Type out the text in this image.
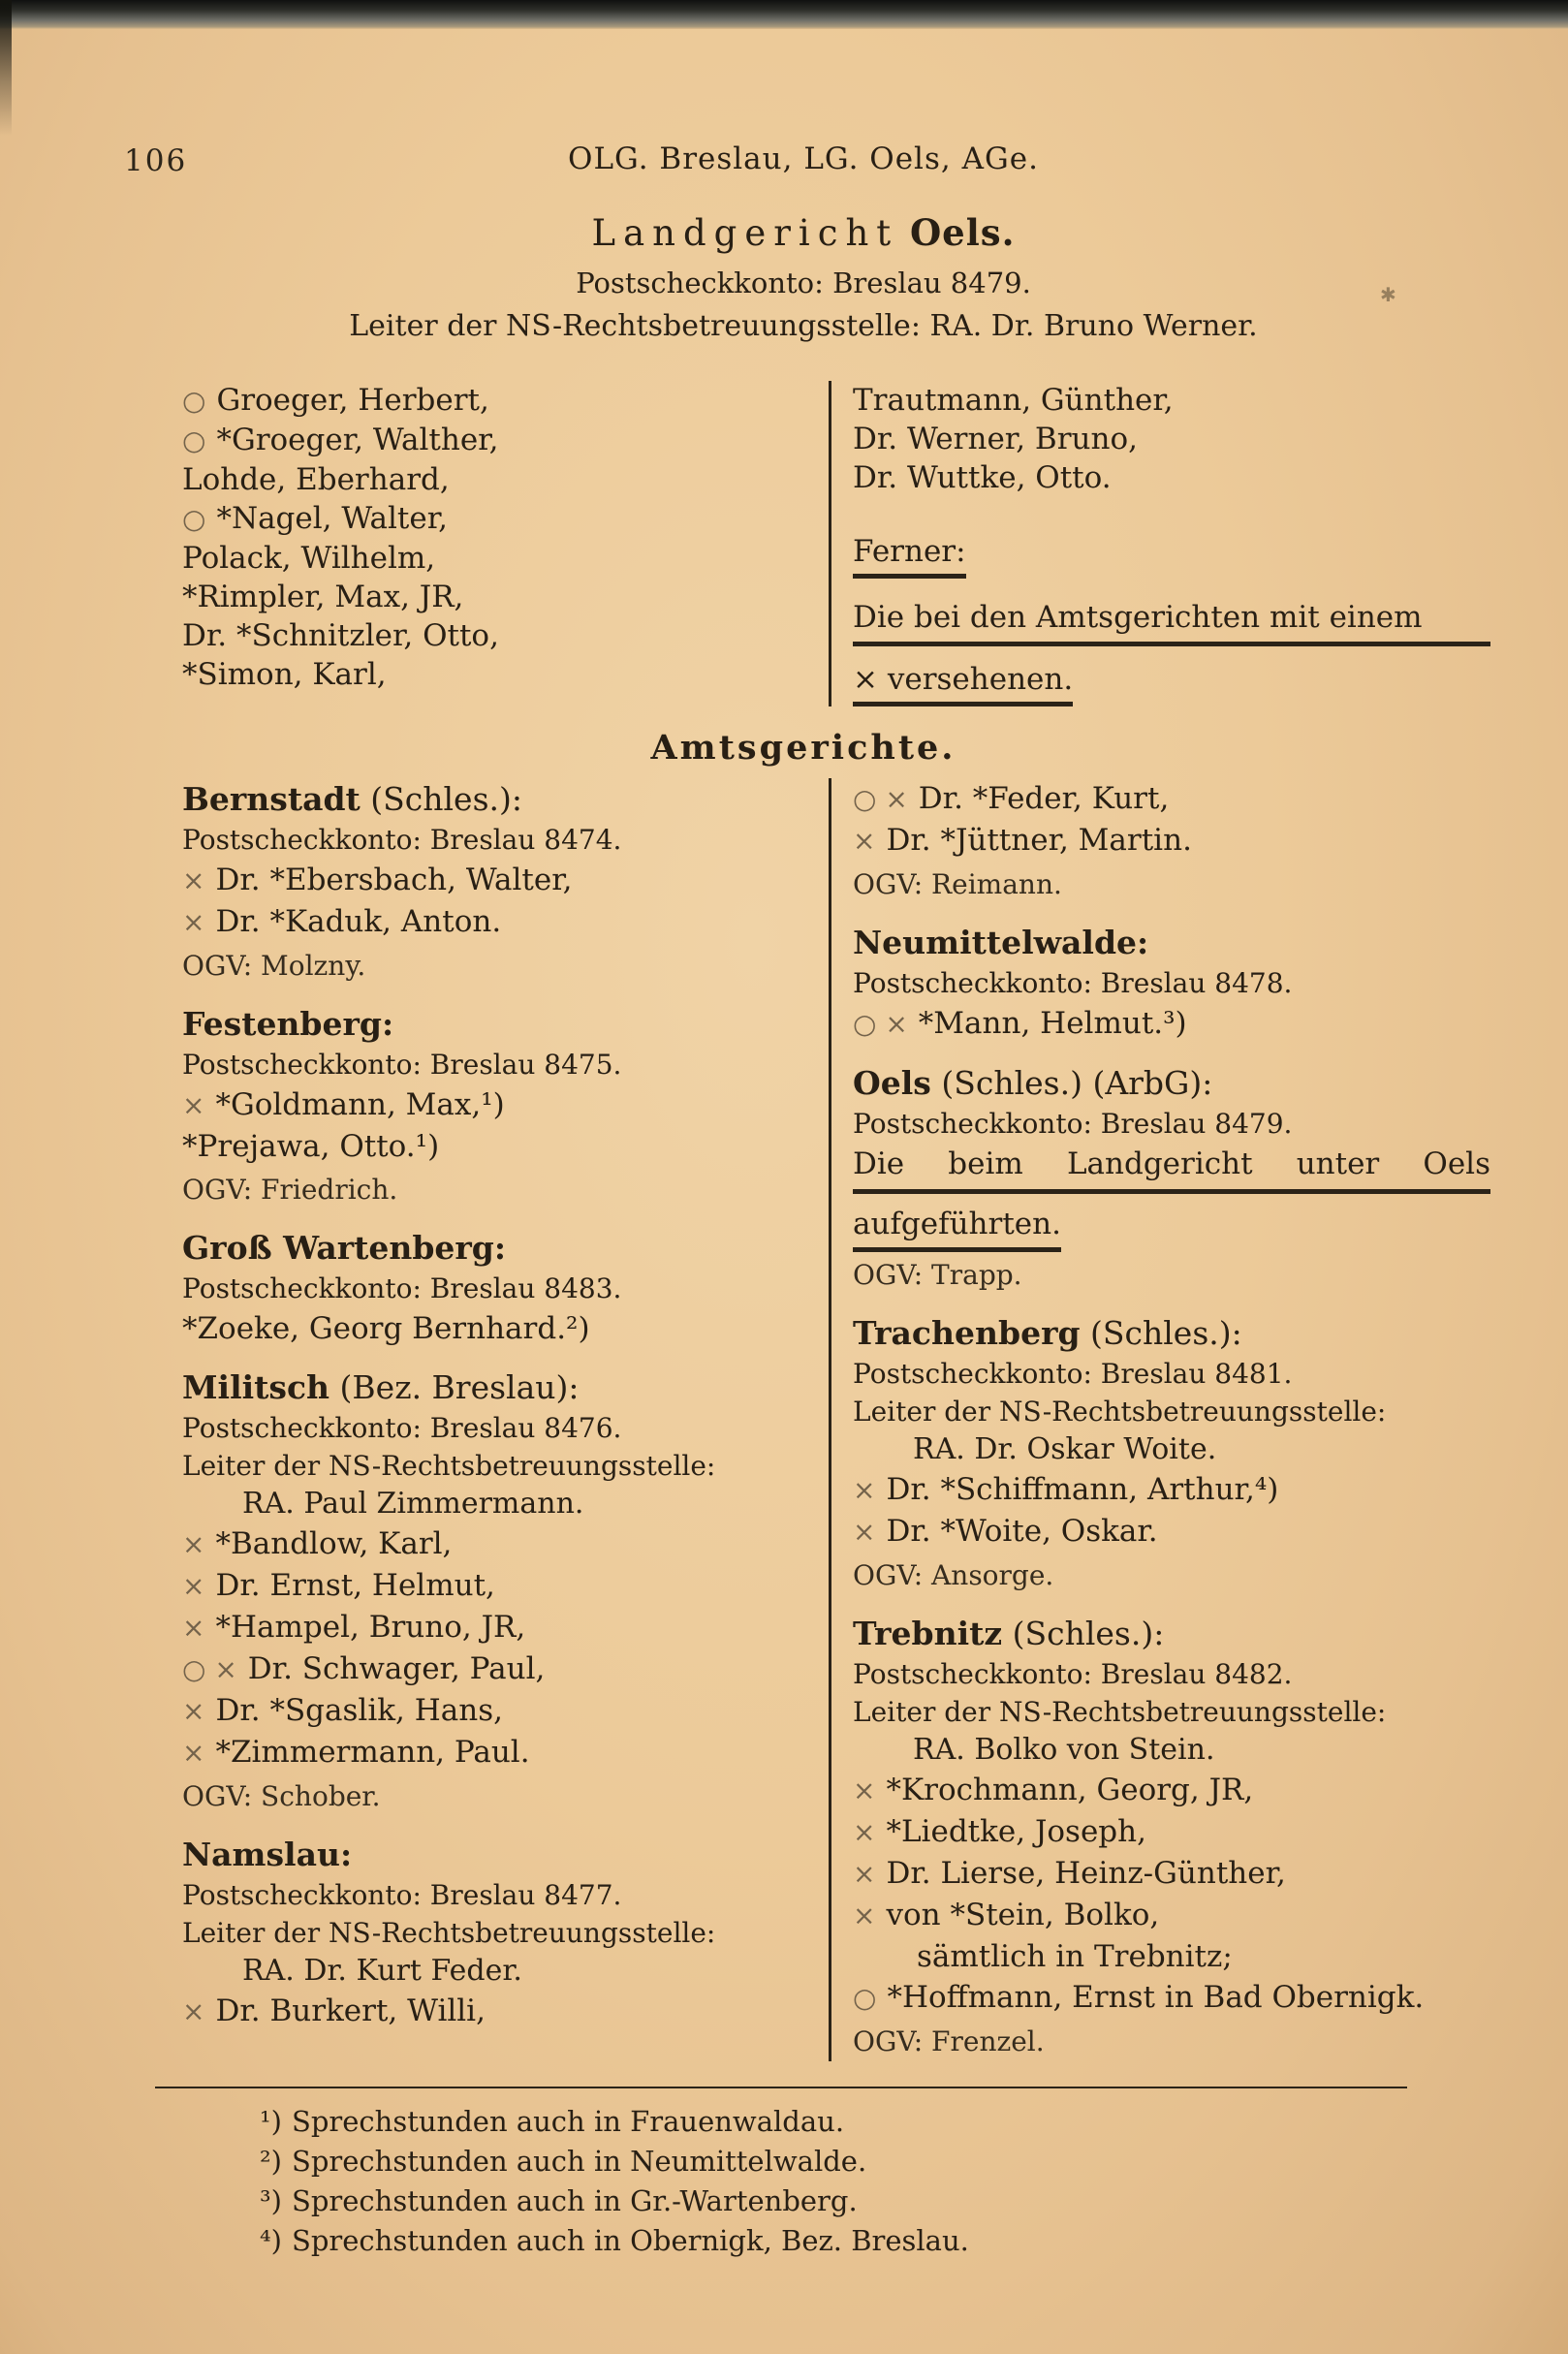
✱
106	OLG. Breslau, LG. Oels, AGe.
Landgericht Oels.
Postscheckkonto: Breslau 8479.
Leiter der NS-Rechtsbetreuungsstelle: RA. Dr. Bruno Werner.
○ Groeger, Herbert,
○ *Groeger, Walther,
Lohde, Eberhard,
○ *Nagel, Walter,
Polack, Wilhelm,
*Rimpler, Max, JR,
Dr. *Schnitzler, Otto,
*Simon, Karl,
Trautmann, Günther,
Dr. Werner, Bruno,
Dr. Wuttke, Otto.
Ferner:
Die bei den Amtsgerichten mit einem
× versehenen.
Amtsgerichte.
Bernstadt (Schles.):
Postscheckkonto: Breslau 8474.
× Dr. *Ebersbach, Walter,
× Dr. *Kaduk, Anton.
OGV: Molzny.
Festenberg:
Postscheckkonto: Breslau 8475.
× *Goldmann, Max,¹)
*Prejawa, Otto.¹)
OGV: Friedrich.
Groß Wartenberg:
Postscheckkonto: Breslau 8483.
*Zoeke, Georg Bernhard.²)
Militsch (Bez. Breslau):
Postscheckkonto: Breslau 8476.
Leiter der NS-Rechtsbetreuungsstelle:
RA. Paul Zimmermann.
× *Bandlow, Karl,
× Dr. Ernst, Helmut,
× *Hampel, Bruno, JR,
○ × Dr. Schwager, Paul,
× Dr. *Sgaslik, Hans,
× *Zimmermann, Paul.
OGV: Schober.
Namslau:
Postscheckkonto: Breslau 8477.
Leiter der NS-Rechtsbetreuungsstelle:
RA. Dr. Kurt Feder.
× Dr. Burkert, Willi,
○ × Dr. *Feder, Kurt,
× Dr. *Jüttner, Martin.
OGV: Reimann.
Neumittelwalde:
Postscheckkonto: Breslau 8478.
○ × *Mann, Helmut.³)
Oels (Schles.) (ArbG):
Postscheckkonto: Breslau 8479.
Die beim Landgericht unter Oels
aufgeführten.
OGV: Trapp.
Trachenberg (Schles.):
Postscheckkonto: Breslau 8481.
Leiter der NS-Rechtsbetreuungsstelle:
RA. Dr. Oskar Woite.
× Dr. *Schiffmann, Arthur,⁴)
× Dr. *Woite, Oskar.
OGV: Ansorge.
Trebnitz (Schles.):
Postscheckkonto: Breslau 8482.
Leiter der NS-Rechtsbetreuungsstelle:
RA. Bolko von Stein.
× *Krochmann, Georg, JR,
× *Liedtke, Joseph,
× Dr. Lierse, Heinz-Günther,
× von *Stein, Bolko,
sämtlich in Trebnitz;
○ *Hoffmann, Ernst in Bad Obernigk.
OGV: Frenzel.
¹) Sprechstunden auch in Frauenwaldau.
²) Sprechstunden auch in Neumittelwalde.
³) Sprechstunden auch in Gr.-Wartenberg.
⁴) Sprechstunden auch in Obernigk, Bez. Breslau.
